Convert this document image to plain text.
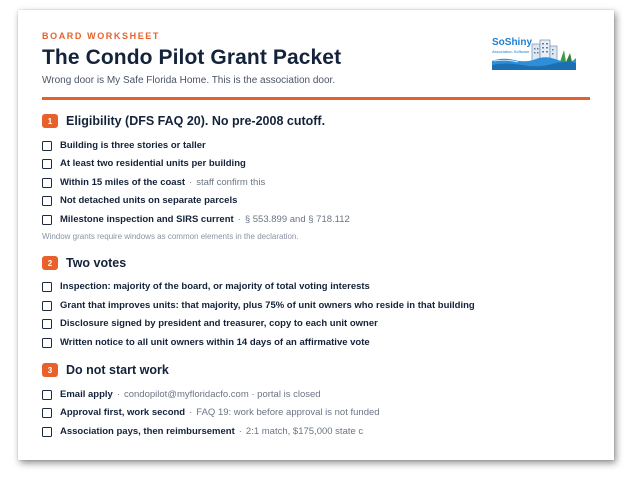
BOARD WORKSHEET
The Condo Pilot Grant Packet
Wrong door is My Safe Florida Home. This is the association door.
SoShiny
Association Software
1	Eligibility (DFS FAQ 20). No pre-2008 cutoff.
Building is three stories or taller
At least two residential units per building
Within 15 miles of the coast · staff confirm this
Not detached units on separate parcels
Milestone inspection and SIRS current · § 553.899 and § 718.112
Window grants require windows as common elements in the declaration.
2	Two votes
Inspection: majority of the board, or majority of total voting interests
Grant that improves units: that majority, plus 75% of unit owners who reside in that building
Disclosure signed by president and treasurer, copy to each unit owner
Written notice to all unit owners within 14 days of an affirmative vote
3	Do not start work
Email apply · condopilot@myfloridacfo.com · portal is closed
Approval first, work second · FAQ 19: work before approval is not funded
Association pays, then reimbursement · 2:1 match, $175,000 state c
